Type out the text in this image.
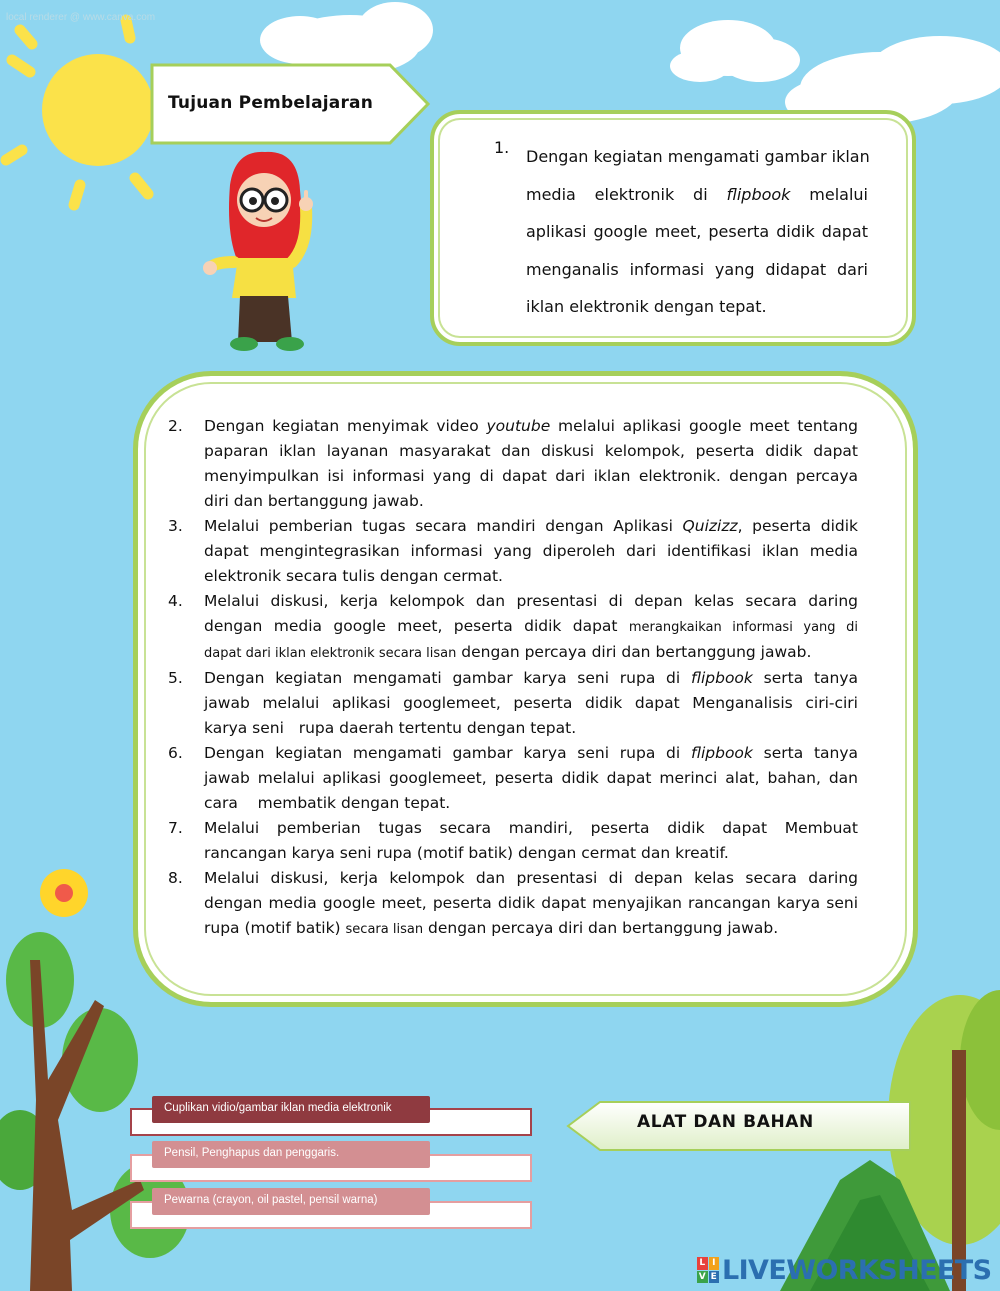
local renderer @ www.canva.com
Tujuan Pembelajaran
1. Dengan kegiatan mengamati gambar iklan
media elektronik di flipbook melalui
aplikasi google meet, peserta didik dapat
menganalis informasi yang didapat dari
iklan elektronik dengan tepat.
2.	Dengan kegiatan menyimak video youtube melalui aplikasi google meet tentang
paparan iklan layanan masyarakat dan diskusi kelompok, peserta didik dapat
menyimpulkan isi informasi yang di dapat dari iklan elektronik. dengan percaya
diri dan bertanggung jawab.
3.	Melalui pemberian tugas secara mandiri dengan Aplikasi Quizizz, peserta didik
dapat mengintegrasikan informasi yang diperoleh dari identifikasi iklan media
elektronik secara tulis dengan cermat.
4.	Melalui diskusi, kerja kelompok dan presentasi di depan kelas secara daring
dengan media google meet, peserta didik dapat merangkaikan informasi yang di
dapat dari iklan elektronik secara lisan dengan percaya diri dan bertanggung jawab.
5.	Dengan kegiatan mengamati gambar karya seni rupa di flipbook serta tanya
jawab melalui aplikasi googlemeet, peserta didik dapat Menganalisis ciri-ciri
karya seni   rupa daerah tertentu dengan tepat.
6.	Dengan kegiatan mengamati gambar karya seni rupa di flipbook serta tanya
jawab melalui aplikasi googlemeet, peserta didik dapat merinci alat, bahan, dan
cara    membatik dengan tepat.
7.	Melalui pemberian tugas secara mandiri, peserta didik dapat Membuat
rancangan karya seni rupa (motif batik) dengan cermat dan kreatif.
8.	Melalui diskusi, kerja kelompok dan presentasi di depan kelas secara daring
dengan media google meet, peserta didik dapat menyajikan rancangan karya seni
rupa (motif batik) secara lisan dengan percaya diri dan bertanggung jawab.
Cuplikan vidio/gambar iklan media elektronik
Pensil, Penghapus dan penggaris.
Pewarna (crayon, oil pastel, pensil warna)
ALAT DAN BAHAN
L I
V E LIVEWORKSHEETS
